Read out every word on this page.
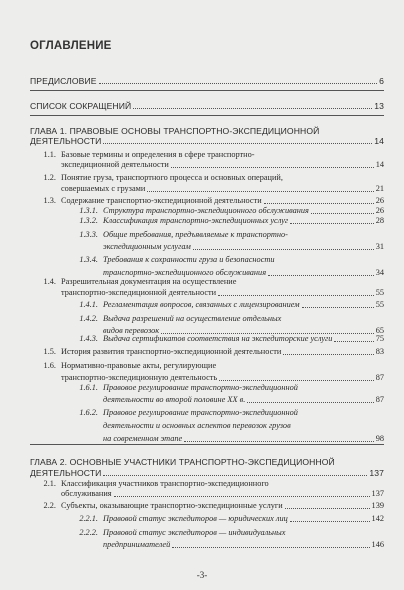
ОГЛАВЛЕНИЕ
ПРЕДИСЛОВИЕ	6
СПИСОК СОКРАЩЕНИЙ	13
ГЛАВА 1. ПРАВОВЫЕ ОСНОВЫ ТРАНСПОРТНО-ЭКСПЕДИЦИОННОЙ
ДЕЯТЕЛЬНОСТИ	14
1.1. Базовые термины и определения в сфере транспортно-
экспедиционной деятельности	14
1.2. Понятие груза, транспортного процесса и основных операций,
совершаемых с грузами	21
1.3. Содержание транспортно-экспедиционной деятельности	26
1.3.1. Структура транспортно-экспедиционного обслуживания	26
1.3.2. Классификация транспортно-экспедиционных услуг	28
1.3.3. Общие требования, предъявляемые к транспортно-
экспедиционным услугам	31
1.3.4. Требования к сохранности груза и безопасности
транспортно-экспедиционного обслуживания	34
1.4. Разрешительная документация на осуществление
транспортно-экспедиционной деятельности	55
1.4.1. Регламентация вопросов, связанных с лицензированием	55
1.4.2. Выдача разрешений на осуществление отдельных
видов перевозок	65
1.4.3. Выдача сертификатов соответствия на экспедиторские услуги	75
1.5. История развития транспортно-экспедиционной деятельности	83
1.6. Нормативно-правовые акты, регулирующие
транспортно-экспедиционную деятельность	87
1.6.1. Правовое регулирование транспортно-экспедиционной
деятельности во второй половине XX в.	87
1.6.2. Правовое регулирование транспортно-экспедиционной
деятельности и основных аспектов перевозок грузов
на современном этапе	98
ГЛАВА 2. ОСНОВНЫЕ УЧАСТНИКИ ТРАНСПОРТНО-ЭКСПЕДИЦИОННОЙ
ДЕЯТЕЛЬНОСТИ	137
2.1. Классификация участников транспортно-экспедиционного
обслуживания	137
2.2. Субъекты, оказывающие транспортно-экспедиционные услуги	139
2.2.1. Правовой статус экспедиторов — юридических лиц	142
2.2.2. Правовой статус экспедиторов — индивидуальных
предпринимателей	146
-3-
